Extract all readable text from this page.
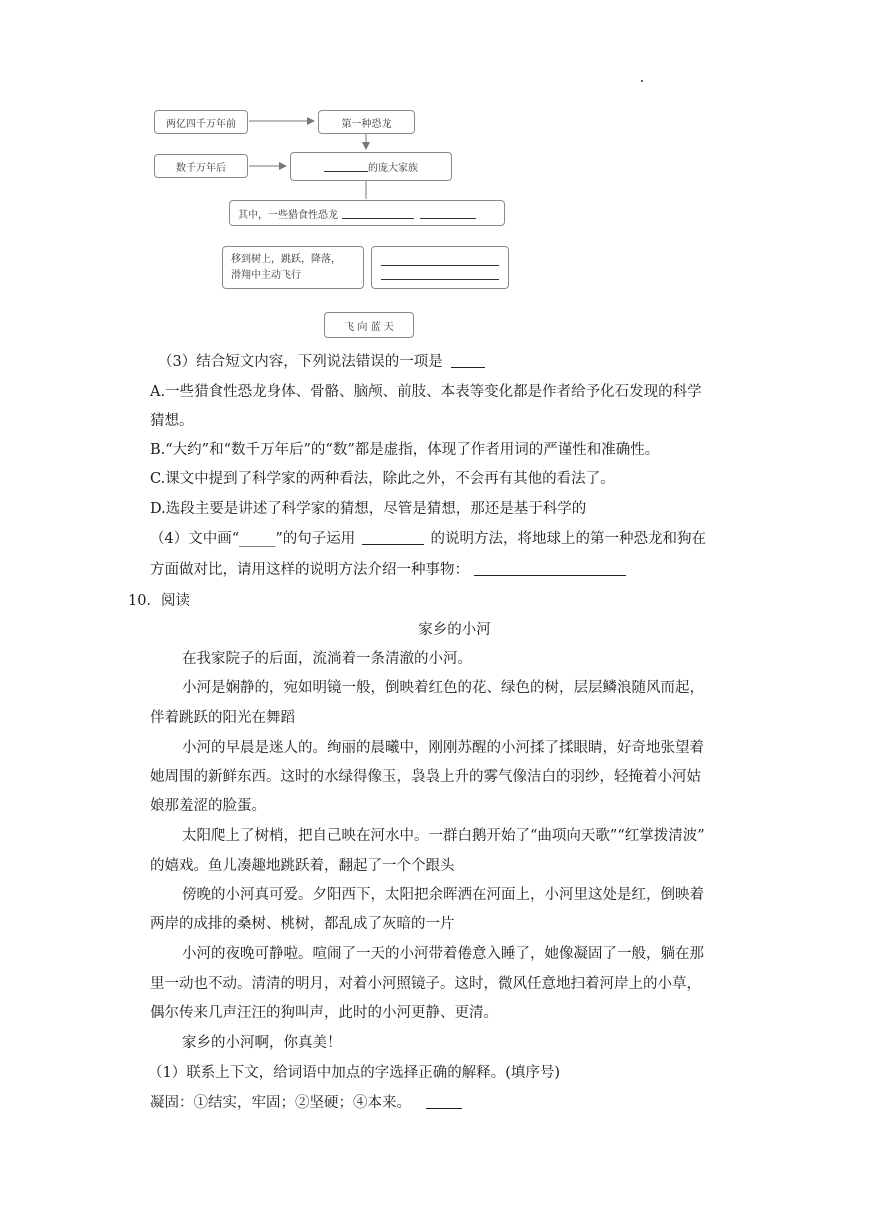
两亿四千万年前	第一种恐龙
数千万年后	的庞大家族
其中，一些猎食性恐龙
移到树上，跳跃，降落，
滑翔中主动飞行
飞 向 蓝 天
（3）结合短文内容，下列说法错误的一项是
A.一些猎食性恐龙身体、骨骼、脑颅、前肢、本表等变化都是作者给予化石发现的科学
猜想。
B.“大约”和“数千万年后”的“数”都是虚指，体现了作者用词的严谨性和准确性。
C.课文中提到了科学家的两种看法，除此之外，不会再有其他的看法了。
D.选段主要是讲述了科学家的猜想，尽管是猜想，那还是基于科学的
（4）文中画“_____”的句子运用	的说明方法，将地球上的第一种恐龙和狗在
方面做对比，请用这样的说明方法介绍一种事物：
10．阅读
家乡的小河
在我家院子的后面，流淌着一条清澈的小河。
小河是娴静的，宛如明镜一般，倒映着红色的花、绿色的树，层层鳞浪随风而起，
伴着跳跃的阳光在舞蹈
小河的早晨是迷人的。绚丽的晨曦中，刚刚苏醒的小河揉了揉眼睛，好奇地张望着
她周围的新鲜东西。这时的水绿得像玉，袅袅上升的雾气像洁白的羽纱，轻掩着小河姑
娘那羞涩的脸蛋。
太阳爬上了树梢，把自己映在河水中。一群白鹅开始了“曲项向天歌”“红掌拨清波”
的嬉戏。鱼儿凑趣地跳跃着，翻起了一个个跟头
傍晚的小河真可爱。夕阳西下，太阳把余晖洒在河面上，小河里这处是红，倒映着
两岸的成排的桑树、桃树，都乱成了灰暗的一片
小河的夜晚可静啦。喧闹了一天的小河带着倦意入睡了，她像凝固了一般，躺在那
里一动也不动。清清的明月，对着小河照镜子。这时，微风任意地扫着河岸上的小草，
偶尔传来几声汪汪的狗叫声，此时的小河更静、更清。
家乡的小河啊，你真美！
（1）联系上下文，给词语中加点的字选择正确的解释。(填序号)
凝固：①结实，牢固；②坚硬；④本来。
